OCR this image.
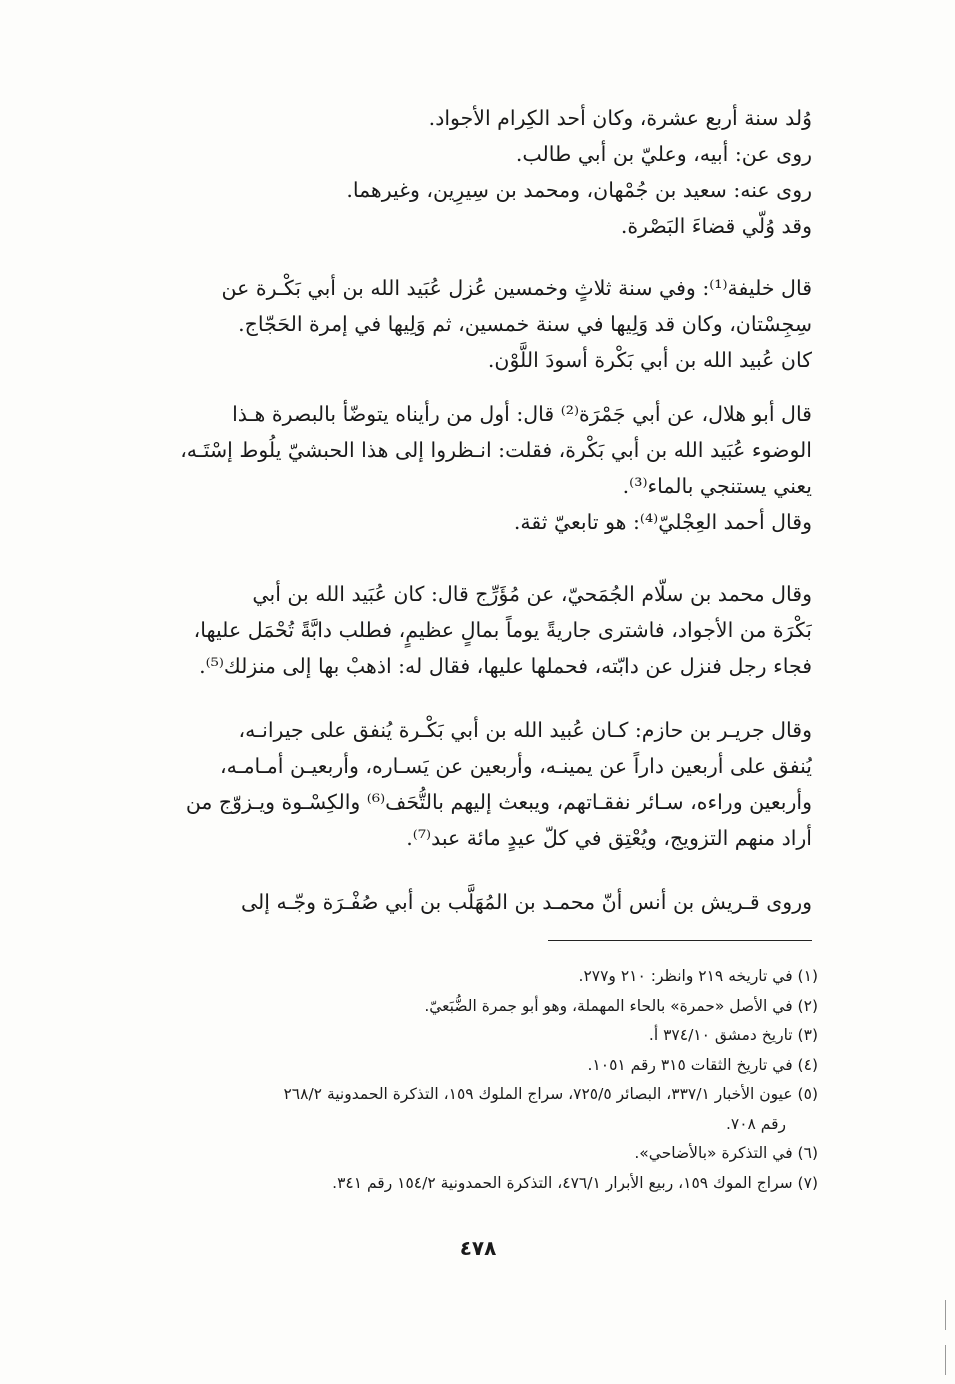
وُلد سنة أربع عشرة، وكان أحد الكِرام الأجواد.
روى عن: أبيه، وعليّ بن أبي طالب.
روى عنه: سعيد بن جُمْهان، ومحمد بن سِيرِين، وغيرهما.
وقد وُلّي قضاءَ البَصْرة.
قال خليفة⁽¹⁾: وفي سنة ثلاثٍ وخمسين عُزل عُبَيد الله بن أبي بَكْـرة عن
سِجِسْتان، وكان قد وَلِيها في سنة خمسين، ثم وَلِيها في إمرة الحَجّاج.
كان عُبيد الله بن أبي بَكْرة أسودَ اللَّوْن.
قال أبو هلال، عن أبي جَمْرَة⁽²⁾ قال: أول من رأيناه يتوضّأ بالبصرة هـذا
الوضوء عُبَيد الله بن أبي بَكْرة، فقلت: انـظروا إلى هذا الحبشيّ يلُوط إسْتَـه،
يعني يستنجي بالماء⁽³⁾.
وقال أحمد العِجْليّ⁽⁴⁾: هو تابعيّ ثقة.
وقال محمد بن سلّام الجُمَحيّ، عن مُؤَرِّج قال: كان عُبَيد الله بن أبي
بَكْرَة من الأجواد، فاشترى جاريةً يوماً بمالٍ عظيمٍ، فطلب دابَّةً تُحْمَل عليها،
فجاء رجل فنزل عن دابّته، فحملها عليها، فقال له: اذهبْ بها إلى منزلك⁽⁵⁾.
وقال جريـر بن حازم: كـان عُبيد الله بن أبي بَكْـرة يُنفق على جيرانـه،
يُنفق على أربعين داراً عن يمينـه، وأربعين عن يَسـاره، وأربعيـن أمـامـه،
وأربعين وراءه، سـائر نفقـاتهم، ويبعث إليهم بالتُّحَف⁽⁶⁾ والكِسْـوة ويـزوّج من
أراد منهم التزويج، ويُعْتِق في كلّ عيدٍ مائة عبد⁽⁷⁾.
وروى قـريش بن أنس أنّ محمـد بن المُهَلَّب بن أبي صُفْـرَة وجّـه إلى
(١) في تاريخه ٢١٩ وانظر: ٢١٠ و٢٧٧.
(٢) في الأصل «حمرة» بالحاء المهملة، وهو أبو جمرة الضُّبَعيّ.
(٣) تاريخ دمشق ٣٧٤/١٠ أ.
(٤) في تاريخ الثقات ٣١٥ رقم ١٠٥١.
(٥) عيون الأخبار ٣٣٧/١، البصائر ٧٢٥/٥، سراج الملوك ١٥٩، التذكرة الحمدونية ٢٦٨/٢
رقم ٧٠٨.
(٦) في التذكرة «بالأضاحي».
(٧) سراج الموك ١٥٩، ربيع الأبرار ٤٧٦/١، التذكرة الحمدونية ١٥٤/٢ رقم ٣٤١.
٤٧٨
